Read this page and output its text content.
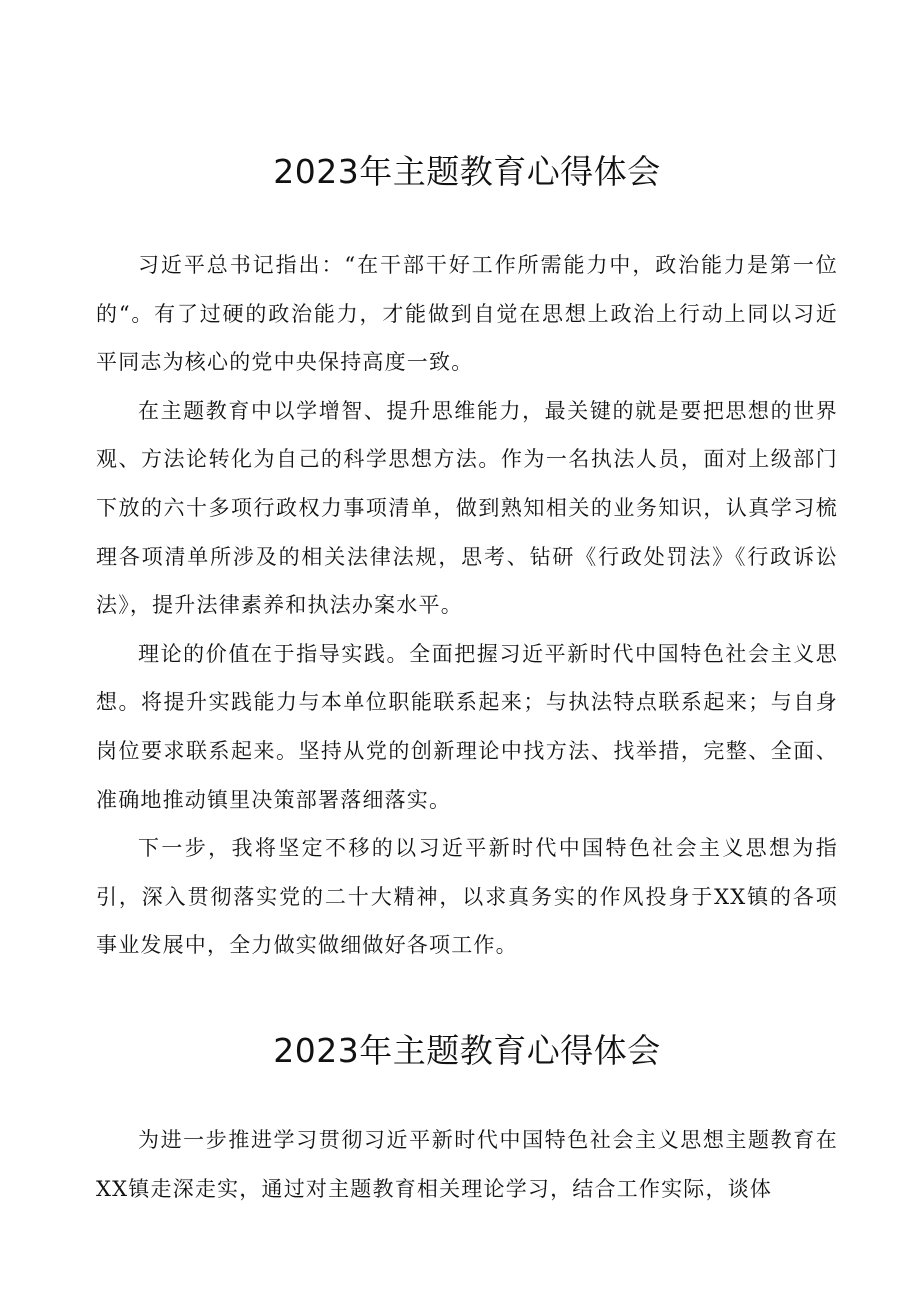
2023年主题教育心得体会

习近平总书记指出：“在干部干好工作所需能力中，政治能力是第一位的“。有了过硬的政治能力，才能做到自觉在思想上政治上行动上同以习近平同志为核心的党中央保持高度一致。

在主题教育中以学增智、提升思维能力，最关键的就是要把思想的世界观、方法论转化为自己的科学思想方法。作为一名执法人员，面对上级部门下放的六十多项行政权力事项清单，做到熟知相关的业务知识，认真学习梳理各项清单所涉及的相关法律法规，思考、钻研《行政处罚法》《行政诉讼法》，提升法律素养和执法办案水平。

理论的价值在于指导实践。全面把握习近平新时代中国特色社会主义思想。将提升实践能力与本单位职能联系起来；与执法特点联系起来；与自身岗位要求联系起来。坚持从党的创新理论中找方法、找举措，完整、全面、准确地推动镇里决策部署落细落实。

下一步，我将坚定不移的以习近平新时代中国特色社会主义思想为指引，深入贯彻落实党的二十大精神，以求真务实的作风投身于XX镇的各项事业发展中，全力做实做细做好各项工作。

2023年主题教育心得体会

为进一步推进学习贯彻习近平新时代中国特色社会主义思想主题教育在XX镇走深走实，通过对主题教育相关理论学习，结合工作实际，谈体
